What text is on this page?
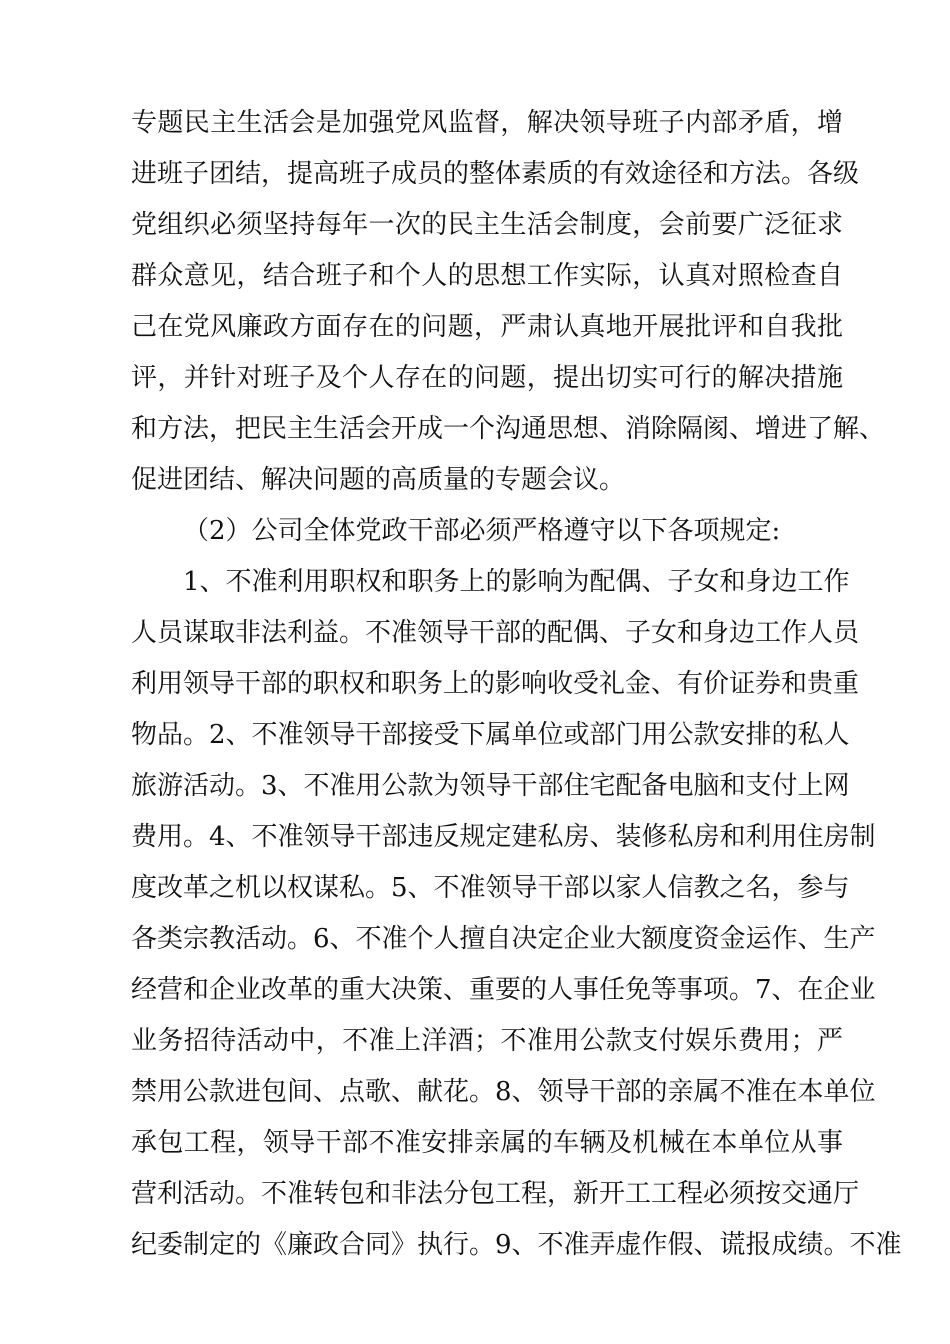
专题民主生活会是加强党风监督，解决领导班子内部矛盾，增
进班子团结，提高班子成员的整体素质的有效途径和方法。各级
党组织必须坚持每年一次的民主生活会制度，会前要广泛征求
群众意见，结合班子和个人的思想工作实际，认真对照检查自
己在党风廉政方面存在的问题，严肃认真地开展批评和自我批
评，并针对班子及个人存在的问题，提出切实可行的解决措施
和方法，把民主生活会开成一个沟通思想、消除隔阂、增进了解、
促进团结、解决问题的高质量的专题会议。
（2）公司全体党政干部必须严格遵守以下各项规定:
1、不准利用职权和职务上的影响为配偶、子女和身边工作
人员谋取非法利益。不准领导干部的配偶、子女和身边工作人员
利用领导干部的职权和职务上的影响收受礼金、有价证券和贵重
物品。2、不准领导干部接受下属单位或部门用公款安排的私人
旅游活动。3、不准用公款为领导干部住宅配备电脑和支付上网
费用。4、不准领导干部违反规定建私房、装修私房和利用住房制
度改革之机以权谋私。5、不准领导干部以家人信教之名，参与
各类宗教活动。6、不准个人擅自决定企业大额度资金运作、生产
经营和企业改革的重大决策、重要的人事任免等事项。7、在企业
业务招待活动中，不准上洋酒；不准用公款支付娱乐费用；严
禁用公款进包间、点歌、献花。8、领导干部的亲属不准在本单位
承包工程，领导干部不准安排亲属的车辆及机械在本单位从事
营利活动。不准转包和非法分包工程，新开工工程必须按交通厅
纪委制定的《廉政合同》执行。9、不准弄虚作假、谎报成绩。不准
